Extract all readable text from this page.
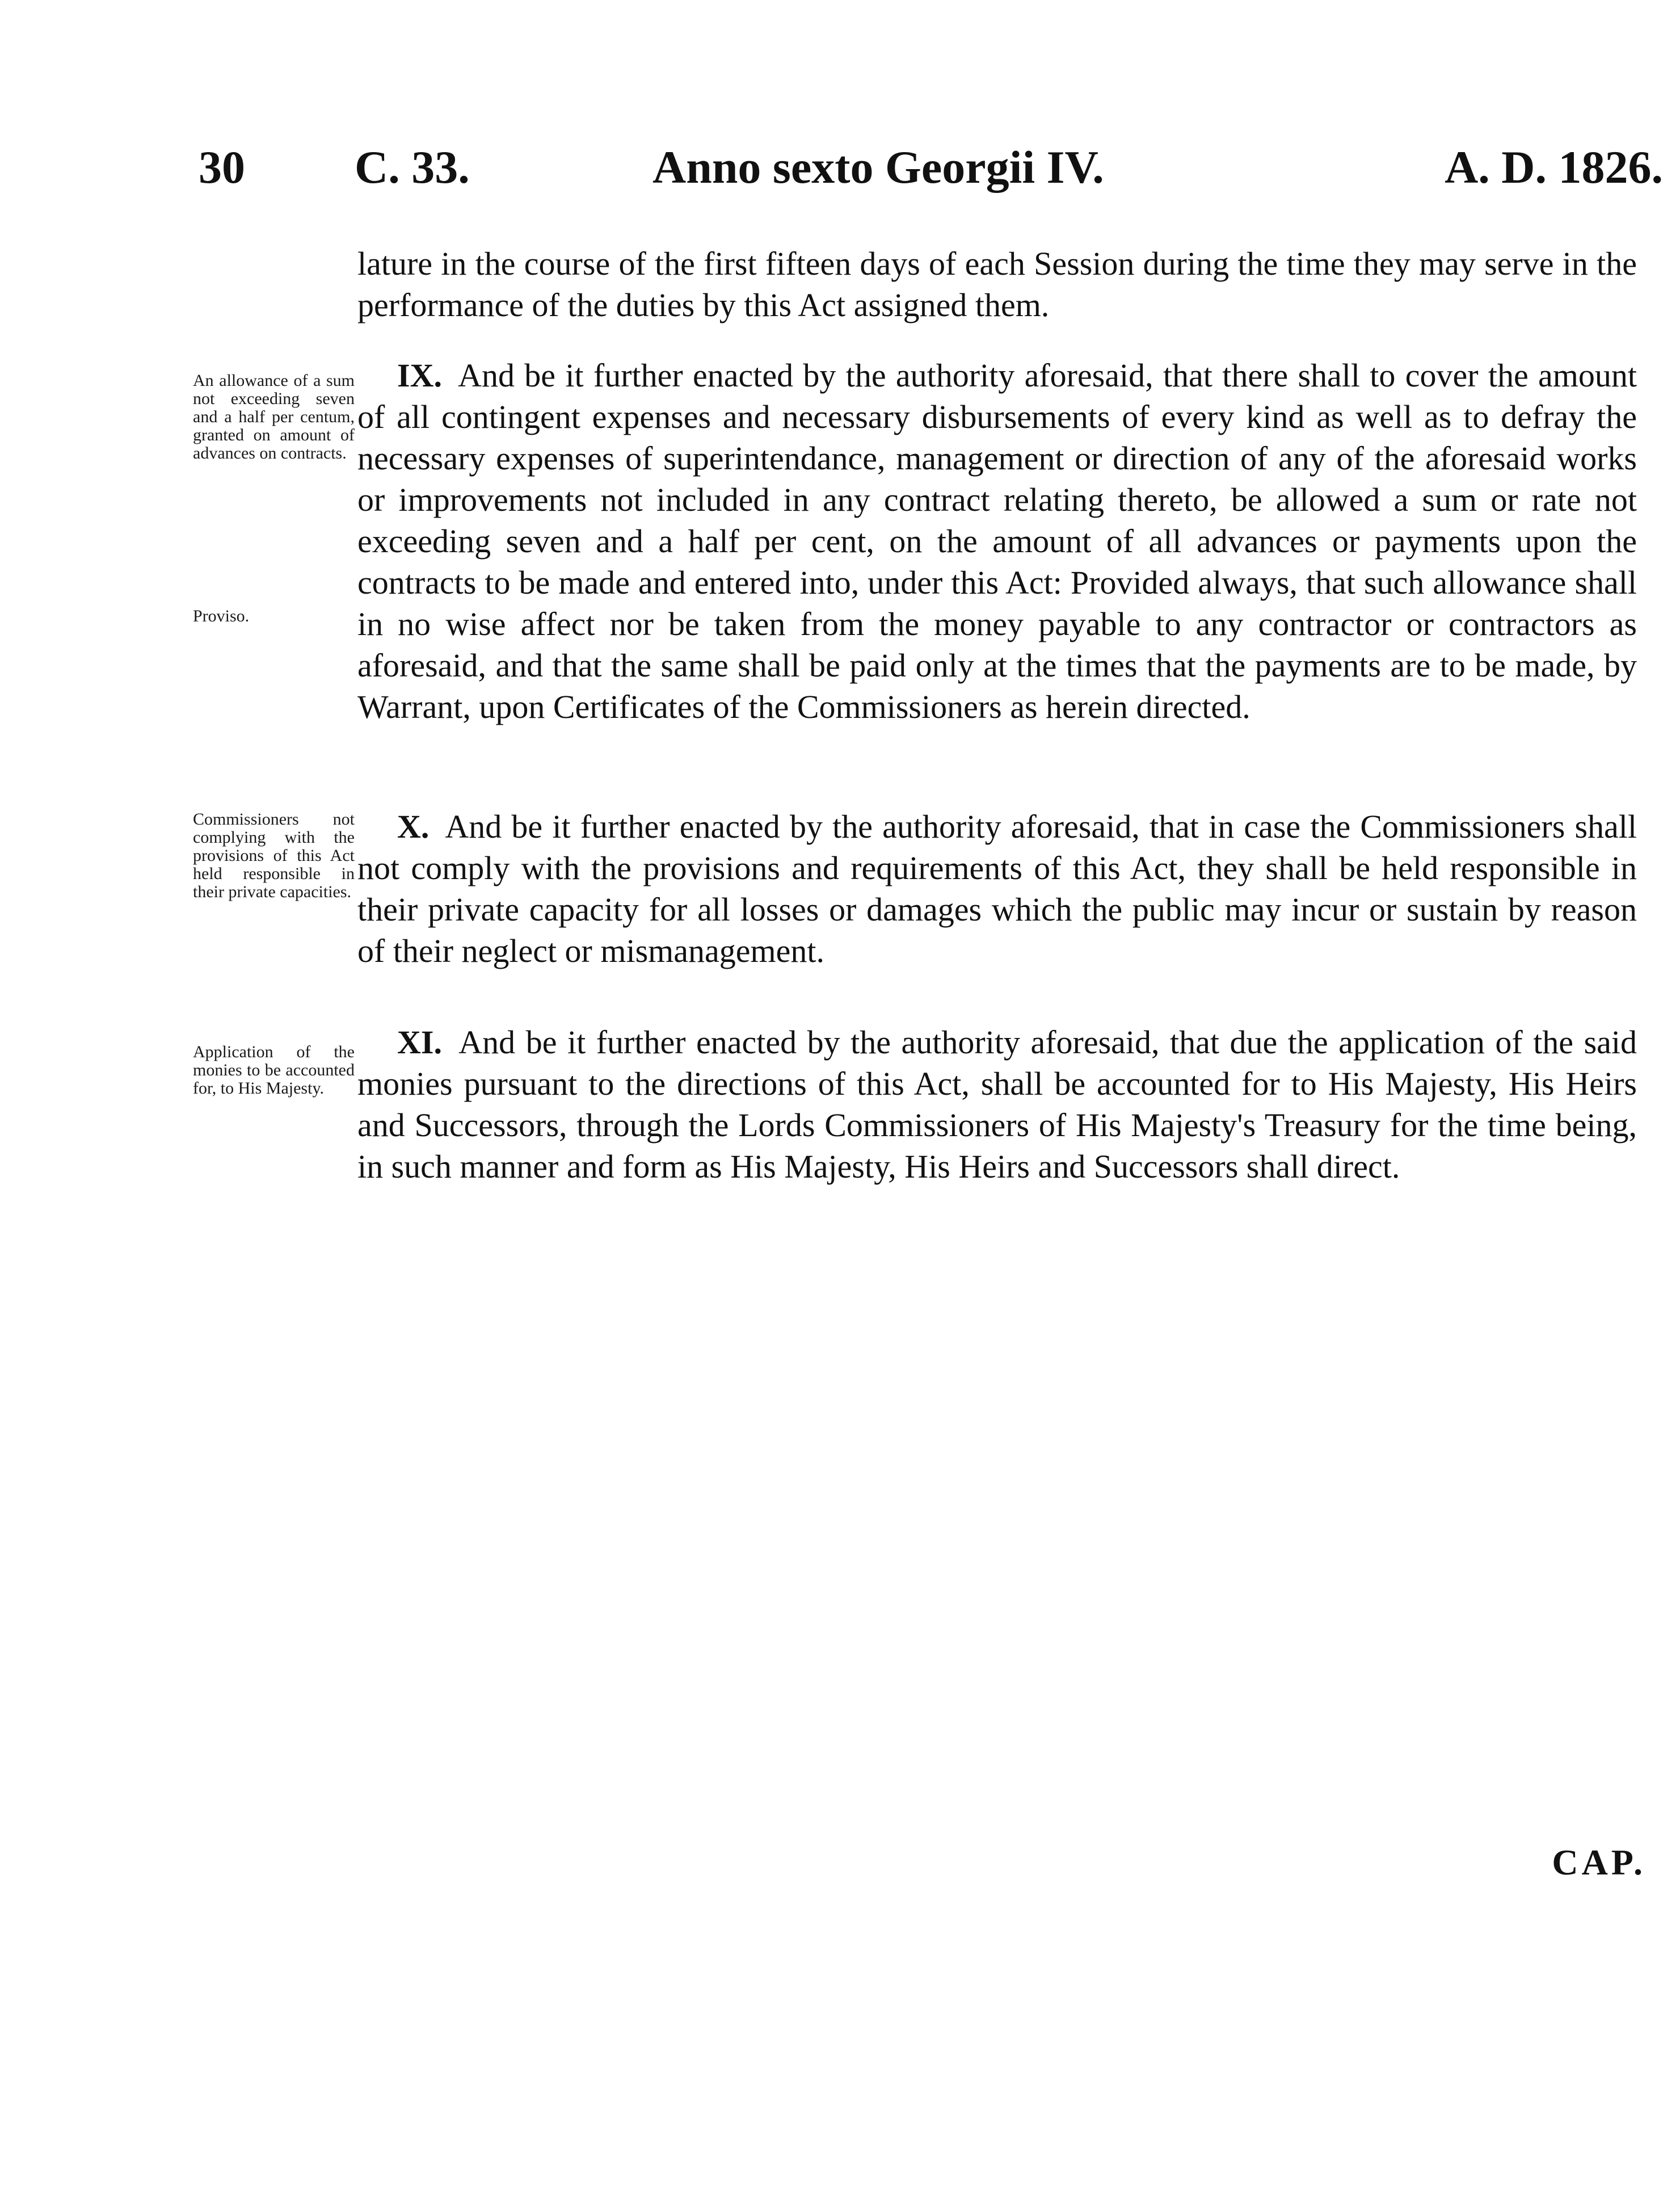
30 C. 33.	Anno sexto Georgii IV.	A. D. 1826.
lature in the course of the first fifteen days of each Session during the time they may serve in the performance of the duties by this Act assigned them.
An allowance of a sum not exceeding seven and a half per centum, granted on amount of advances on contracts.
Proviso.
IX. And be it further enacted by the authority aforesaid, that there shall to cover the amount of all contingent expenses and necessary disbursements of every kind as well as to defray the necessary expenses of superintendance, management or direction of any of the aforesaid works or improvements not included in any contract relating thereto, be allowed a sum or rate not exceeding seven and a half per cent, on the amount of all advances or payments upon the contracts to be made and entered into, under this Act: Provided always, that such allowance shall in no wise affect nor be taken from the money payable to any contractor or contractors as aforesaid, and that the same shall be paid only at the times that the payments are to be made, by Warrant, upon Certificates of the Commissioners as herein directed.
Commissioners not complying with the provisions of this Act held responsible in their private capacities.
X. And be it further enacted by the authority aforesaid, that in case the Commissioners shall not comply with the provisions and requirements of this Act, they shall be held responsible in their private capacity for all losses or damages which the public may incur or sustain by reason of their neglect or mismanagement.
Application of the monies to be accounted for, to His Majesty.
XI. And be it further enacted by the authority aforesaid, that due the application of the said monies pursuant to the directions of this Act, shall be accounted for to His Majesty, His Heirs and Successors, through the Lords Commissioners of His Majesty's Treasury for the time being, in such manner and form as His Majesty, His Heirs and Successors shall direct.
CAP.
